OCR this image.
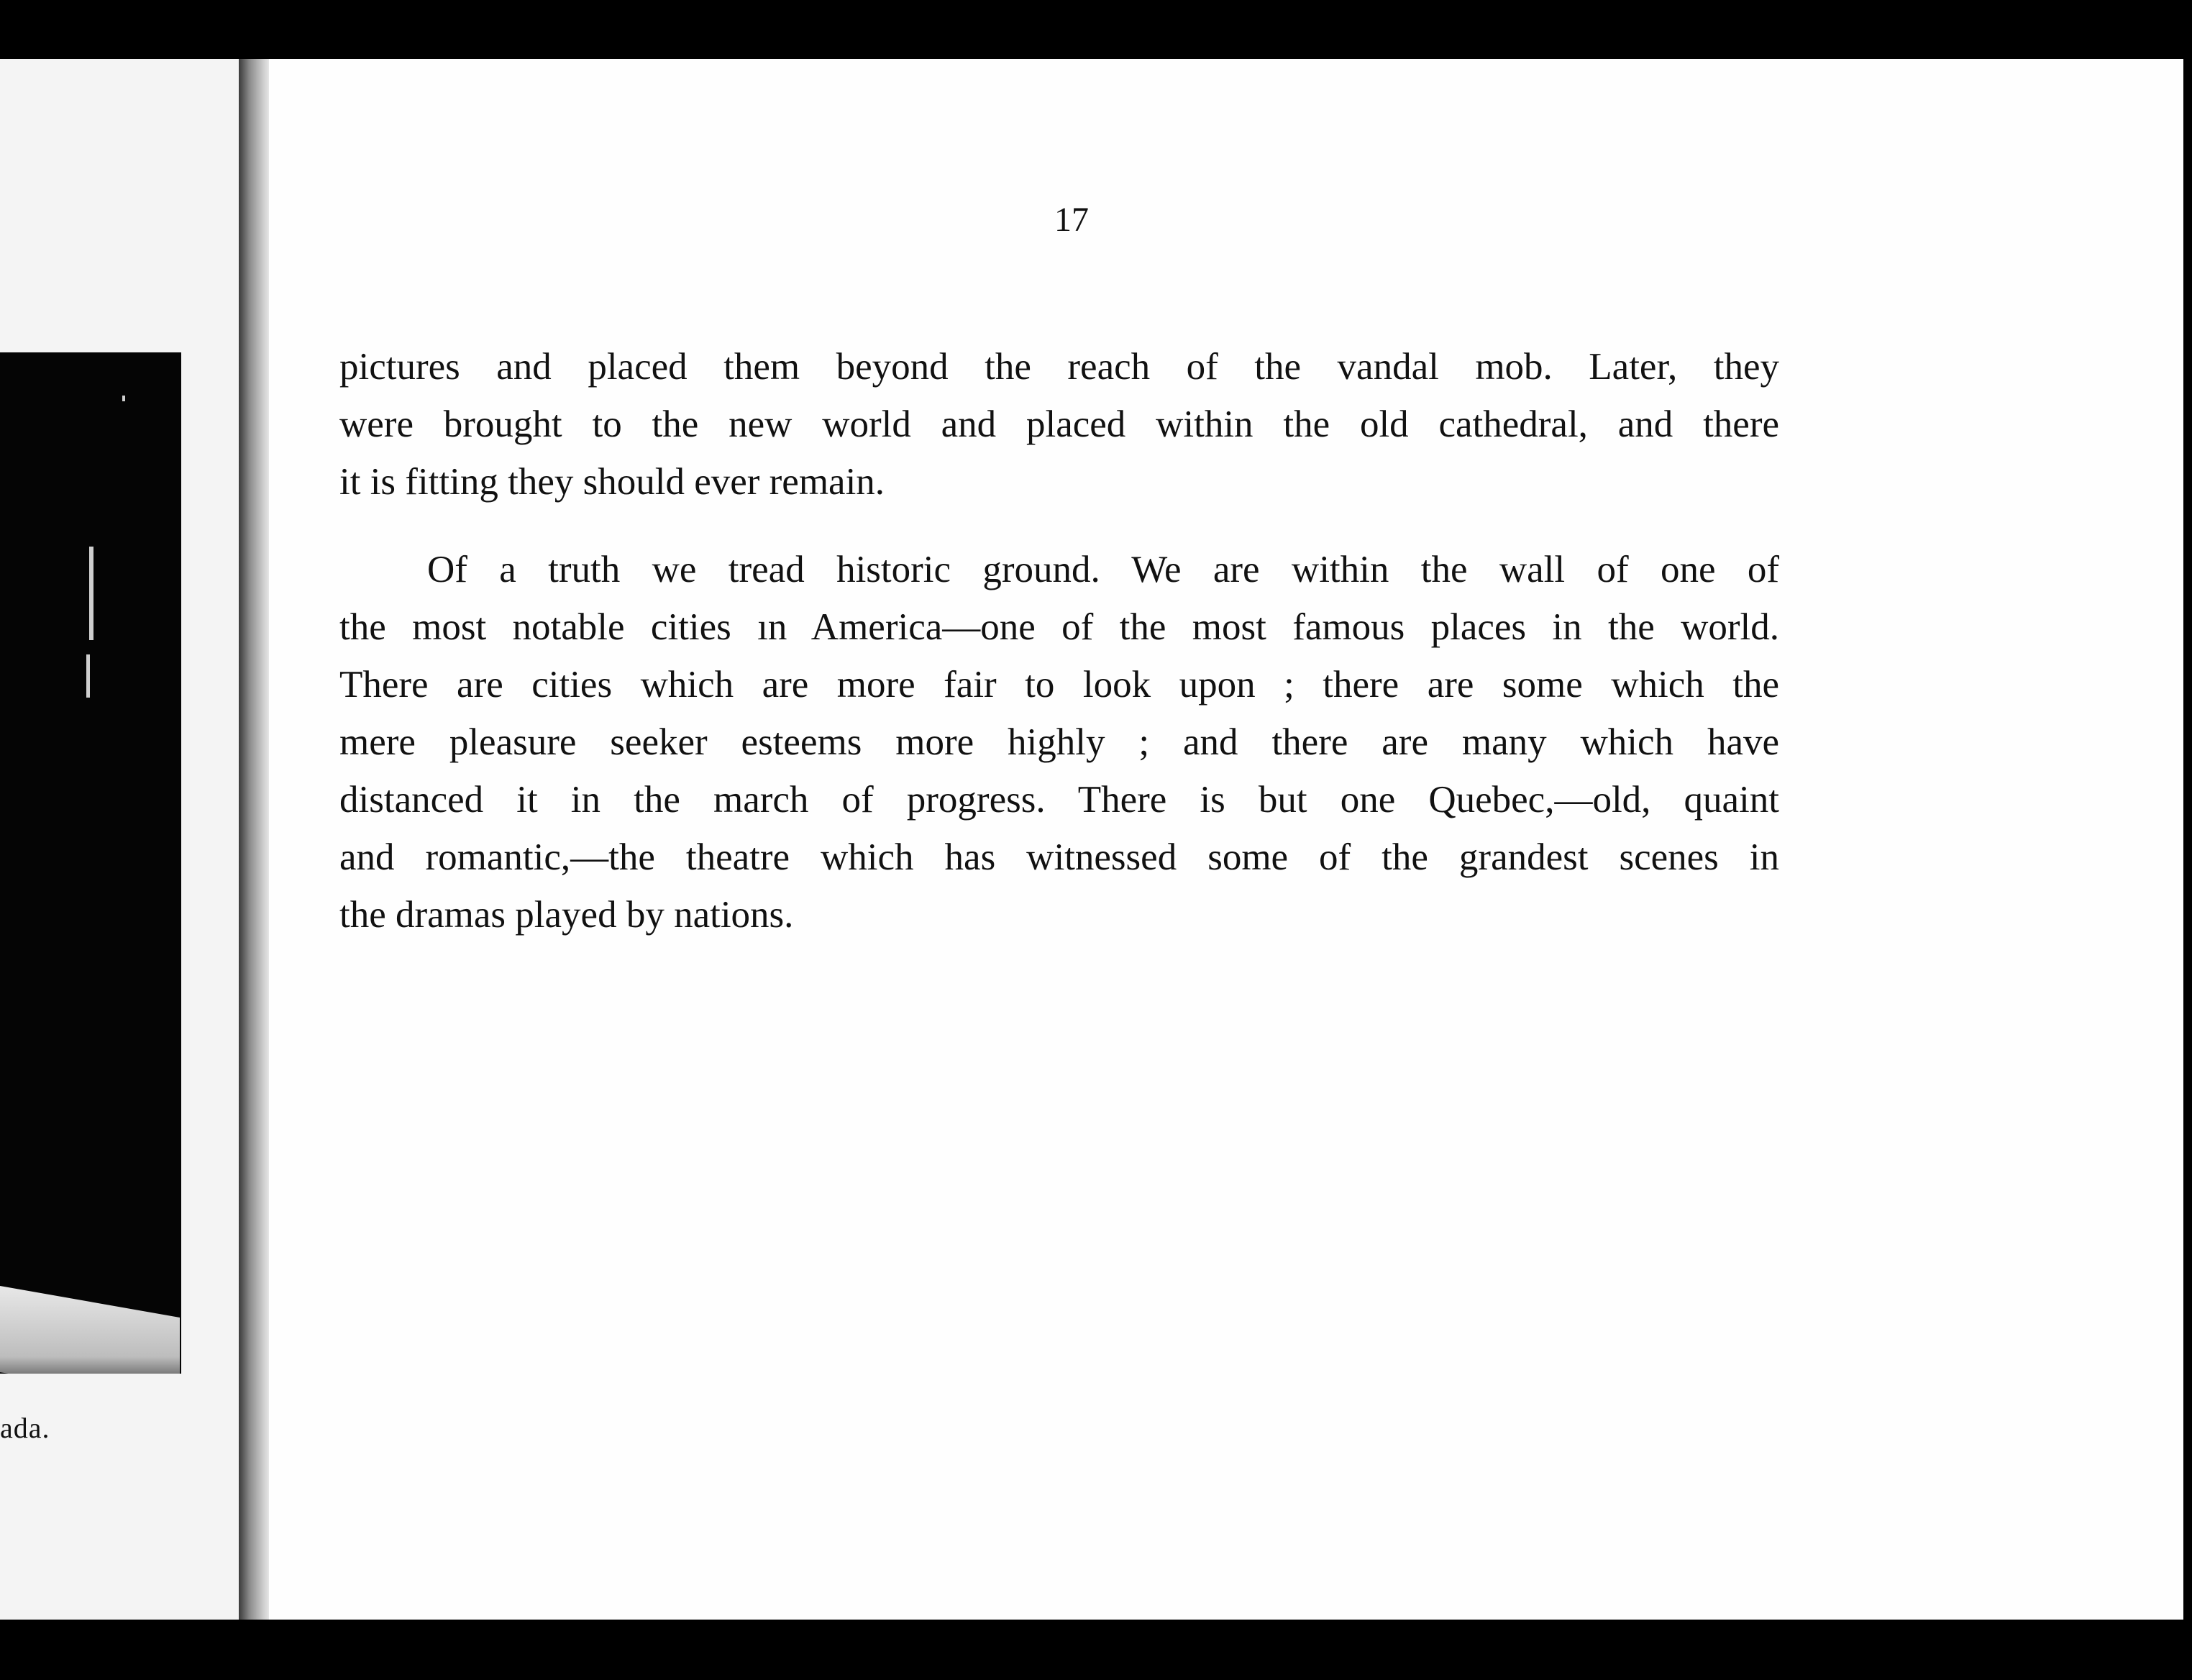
ada.
17
pictures and placed them beyond the reach of the vandal mob. Later, they
were brought to the new world and placed within the old cathedral, and there
it is fitting they should ever remain.
Of a truth we tread historic ground. We are within the wall of one of
the most notable cities ın America—one of the most famous places in the world.
There are cities which are more fair to look upon ; there are some which the
mere pleasure seeker esteems more highly ; and there are many which have
distanced it in the march of progress. There is but one Quebec,—old, quaint
and romantic,—the theatre which has witnessed some of the grandest scenes in
the dramas played by nations.
